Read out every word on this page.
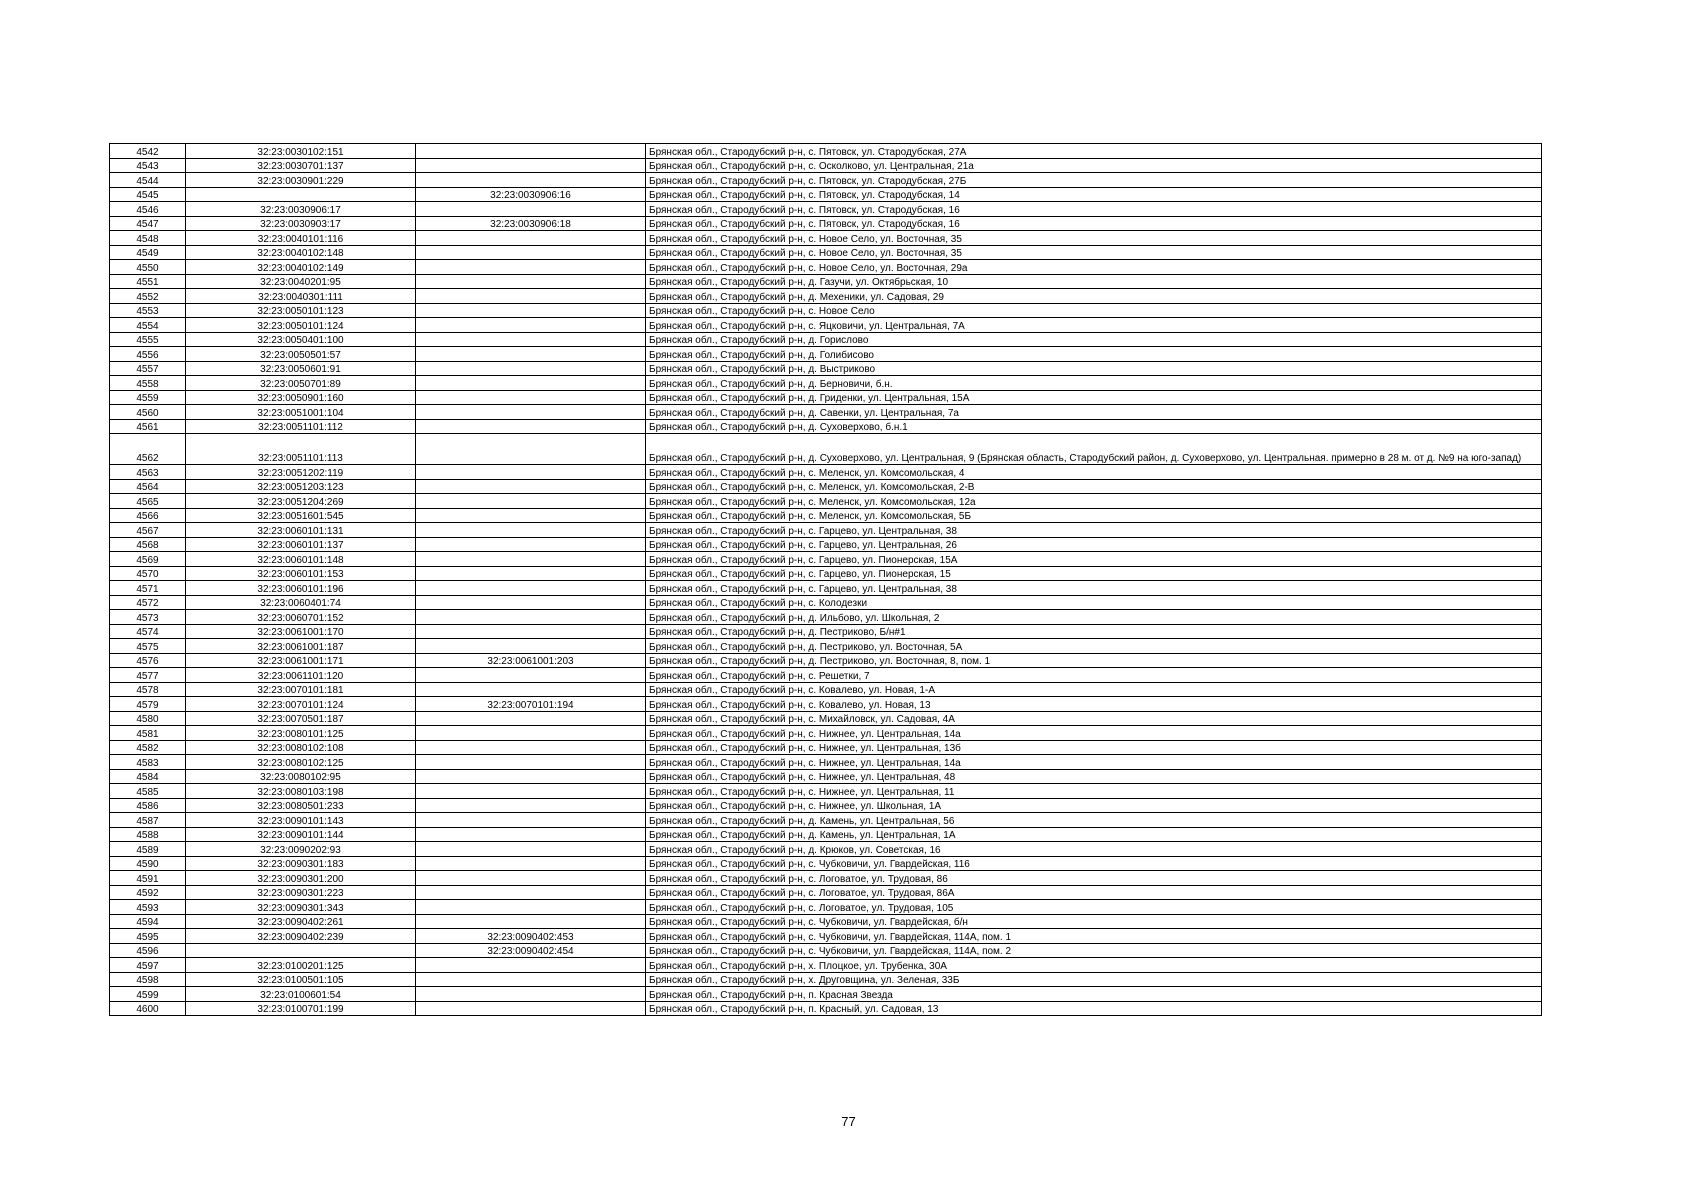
4542	32:23:0030102:151		Брянская обл., Стародубский р-н, с. Пятовск, ул. Стародубская, 27А
4543	32:23:0030701:137		Брянская обл., Стародубский р-н, с. Осколково, ул. Центральная, 21а
4544	32:23:0030901:229		Брянская обл., Стародубский р-н, с. Пятовск, ул. Стародубская, 27Б
4545		32:23:0030906:16	Брянская обл., Стародубский р-н, с. Пятовск, ул. Стародубская, 14
4546	32:23:0030906:17		Брянская обл., Стародубский р-н, с. Пятовск, ул. Стародубская, 16
4547	32:23:0030903:17	32:23:0030906:18	Брянская обл., Стародубский р-н, с. Пятовск, ул. Стародубская, 16
4548	32:23:0040101:116		Брянская обл., Стародубский р-н, с. Новое Село, ул. Восточная, 35
4549	32:23:0040102:148		Брянская обл., Стародубский р-н, с. Новое Село, ул. Восточная, 35
4550	32:23:0040102:149		Брянская обл., Стародубский р-н, с. Новое Село, ул. Восточная, 29а
4551	32:23:0040201:95		Брянская обл., Стародубский р-н, д. Газучи, ул. Октябрьская, 10
4552	32:23:0040301:111		Брянская обл., Стародубский р-н, д. Мехеники, ул. Садовая, 29
4553	32:23:0050101:123		Брянская обл., Стародубский р-н, с. Новое Село
4554	32:23:0050101:124		Брянская обл., Стародубский р-н, с. Яцковичи, ул. Центральная, 7А
4555	32:23:0050401:100		Брянская обл., Стародубский р-н, д. Горислово
4556	32:23:0050501:57		Брянская обл., Стародубский р-н, д. Голибисово
4557	32:23:0050601:91		Брянская обл., Стародубский р-н, д. Выстриково
4558	32:23:0050701:89		Брянская обл., Стародубский р-н, д. Берновичи, б.н.
4559	32:23:0050901:160		Брянская обл., Стародубский р-н, д. Гриденки, ул. Центральная, 15А
4560	32:23:0051001:104		Брянская обл., Стародубский р-н, д. Савенки, ул. Центральная, 7а
4561	32:23:0051101:112		Брянская обл., Стародубский р-н, д. Суховерхово, б.н.1
4562	32:23:0051101:113		Брянская обл., Стародубский р-н, д. Суховерхово, ул. Центральная, 9 (Брянская область, Стародубский район, д. Суховерхово, ул. Центральная. примерно в 28 м. от д. №9 на юго-запад)
4563	32:23:0051202:119		Брянская обл., Стародубский р-н, с. Меленск, ул. Комсомольская, 4
4564	32:23:0051203:123		Брянская обл., Стародубский р-н, с. Меленск, ул. Комсомольская, 2-В
4565	32:23:0051204:269		Брянская обл., Стародубский р-н, с. Меленск, ул. Комсомольская, 12а
4566	32:23:0051601:545		Брянская обл., Стародубский р-н, с. Меленск, ул. Комсомольская, 5Б
4567	32:23:0060101:131		Брянская обл., Стародубский р-н, с. Гарцево, ул. Центральная, 38
4568	32:23:0060101:137		Брянская обл., Стародубский р-н, с. Гарцево, ул. Центральная, 26
4569	32:23:0060101:148		Брянская обл., Стародубский р-н, с. Гарцево, ул. Пионерская, 15А
4570	32:23:0060101:153		Брянская обл., Стародубский р-н, с. Гарцево, ул. Пионерская, 15
4571	32:23:0060101:196		Брянская обл., Стародубский р-н, с. Гарцево, ул. Центральная, 38
4572	32:23:0060401:74		Брянская обл., Стародубский р-н, с. Колодезки
4573	32:23:0060701:152		Брянская обл., Стародубский р-н, д. Ильбово, ул. Школьная, 2
4574	32:23:0061001:170		Брянская обл., Стародубский р-н, д. Пестриково, Б/н#1
4575	32:23:0061001:187		Брянская обл., Стародубский р-н, д. Пестриково, ул. Восточная, 5А
4576	32:23:0061001:171	32:23:0061001:203	Брянская обл., Стародубский р-н, д. Пестриково, ул. Восточная, 8, пом. 1
4577	32:23:0061101:120		Брянская обл., Стародубский р-н, с. Решетки, 7
4578	32:23:0070101:181		Брянская обл., Стародубский р-н, с. Ковалево, ул. Новая, 1-А
4579	32:23:0070101:124	32:23:0070101:194	Брянская обл., Стародубский р-н, с. Ковалево, ул. Новая, 13
4580	32:23:0070501:187		Брянская обл., Стародубский р-н, с. Михайловск, ул. Садовая, 4А
4581	32:23:0080101:125		Брянская обл., Стародубский р-н, с. Нижнее, ул. Центральная, 14а
4582	32:23:0080102:108		Брянская обл., Стародубский р-н, с. Нижнее, ул. Центральная, 13б
4583	32:23:0080102:125		Брянская обл., Стародубский р-н, с. Нижнее, ул. Центральная, 14а
4584	32:23:0080102:95		Брянская обл., Стародубский р-н, с. Нижнее, ул. Центральная, 48
4585	32:23:0080103:198		Брянская обл., Стародубский р-н, с. Нижнее, ул. Центральная, 11
4586	32:23:0080501:233		Брянская обл., Стародубский р-н, с. Нижнее, ул. Школьная, 1А
4587	32:23:0090101:143		Брянская обл., Стародубский р-н, д. Камень, ул. Центральная, 56
4588	32:23:0090101:144		Брянская обл., Стародубский р-н, д. Камень, ул. Центральная, 1А
4589	32:23:0090202:93		Брянская обл., Стародубский р-н, д. Крюков, ул. Советская, 16
4590	32:23:0090301:183		Брянская обл., Стародубский р-н, с. Чубковичи, ул. Гвардейская, 116
4591	32:23:0090301:200		Брянская обл., Стародубский р-н, с. Логоватое, ул. Трудовая, 86
4592	32:23:0090301:223		Брянская обл., Стародубский р-н, с. Логоватое, ул. Трудовая, 86А
4593	32:23:0090301:343		Брянская обл., Стародубский р-н, с. Логоватое, ул. Трудовая, 105
4594	32:23:0090402:261		Брянская обл., Стародубский р-н, с. Чубковичи, ул. Гвардейская, б/н
4595	32:23:0090402:239	32:23:0090402:453	Брянская обл., Стародубский р-н, с. Чубковичи, ул. Гвардейская, 114А, пом. 1
4596		32:23:0090402:454	Брянская обл., Стародубский р-н, с. Чубковичи, ул. Гвардейская, 114А, пом. 2
4597	32:23:0100201:125		Брянская обл., Стародубский р-н, х. Плоцкое, ул. Трубенка, 30А
4598	32:23:0100501:105		Брянская обл., Стародубский р-н, х. Друговщина, ул. Зеленая, 33Б
4599	32:23:0100601:54		Брянская обл., Стародубский р-н, п. Красная Звезда
4600	32:23:0100701:199		Брянская обл., Стародубский р-н, п. Красный, ул. Садовая, 13
77
